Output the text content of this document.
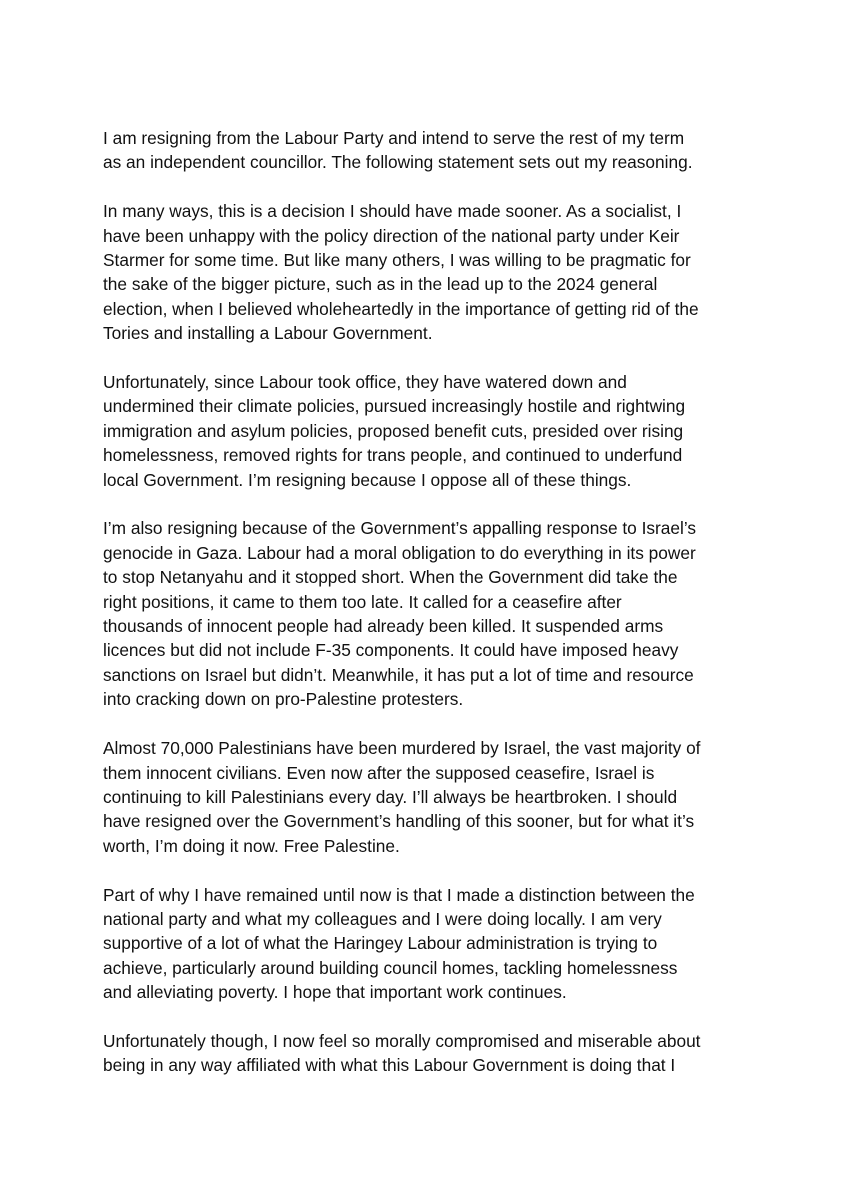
I am resigning from the Labour Party and intend to serve the rest of my term
as an independent councillor. The following statement sets out my reasoning.

In many ways, this is a decision I should have made sooner. As a socialist, I
have been unhappy with the policy direction of the national party under Keir
Starmer for some time. But like many others, I was willing to be pragmatic for
the sake of the bigger picture, such as in the lead up to the 2024 general
election, when I believed wholeheartedly in the importance of getting rid of the
Tories and installing a Labour Government.

Unfortunately, since Labour took office, they have watered down and
undermined their climate policies, pursued increasingly hostile and rightwing
immigration and asylum policies, proposed benefit cuts, presided over rising
homelessness, removed rights for trans people, and continued to underfund
local Government. I’m resigning because I oppose all of these things.

I’m also resigning because of the Government’s appalling response to Israel’s
genocide in Gaza. Labour had a moral obligation to do everything in its power
to stop Netanyahu and it stopped short. When the Government did take the
right positions, it came to them too late. It called for a ceasefire after
thousands of innocent people had already been killed. It suspended arms
licences but did not include F-35 components. It could have imposed heavy
sanctions on Israel but didn’t. Meanwhile, it has put a lot of time and resource
into cracking down on pro-Palestine protesters.

Almost 70,000 Palestinians have been murdered by Israel, the vast majority of
them innocent civilians. Even now after the supposed ceasefire, Israel is
continuing to kill Palestinians every day. I’ll always be heartbroken. I should
have resigned over the Government’s handling of this sooner, but for what it’s
worth, I’m doing it now. Free Palestine.

Part of why I have remained until now is that I made a distinction between the
national party and what my colleagues and I were doing locally. I am very
supportive of a lot of what the Haringey Labour administration is trying to
achieve, particularly around building council homes, tackling homelessness
and alleviating poverty. I hope that important work continues.

Unfortunately though, I now feel so morally compromised and miserable about
being in any way affiliated with what this Labour Government is doing that I
